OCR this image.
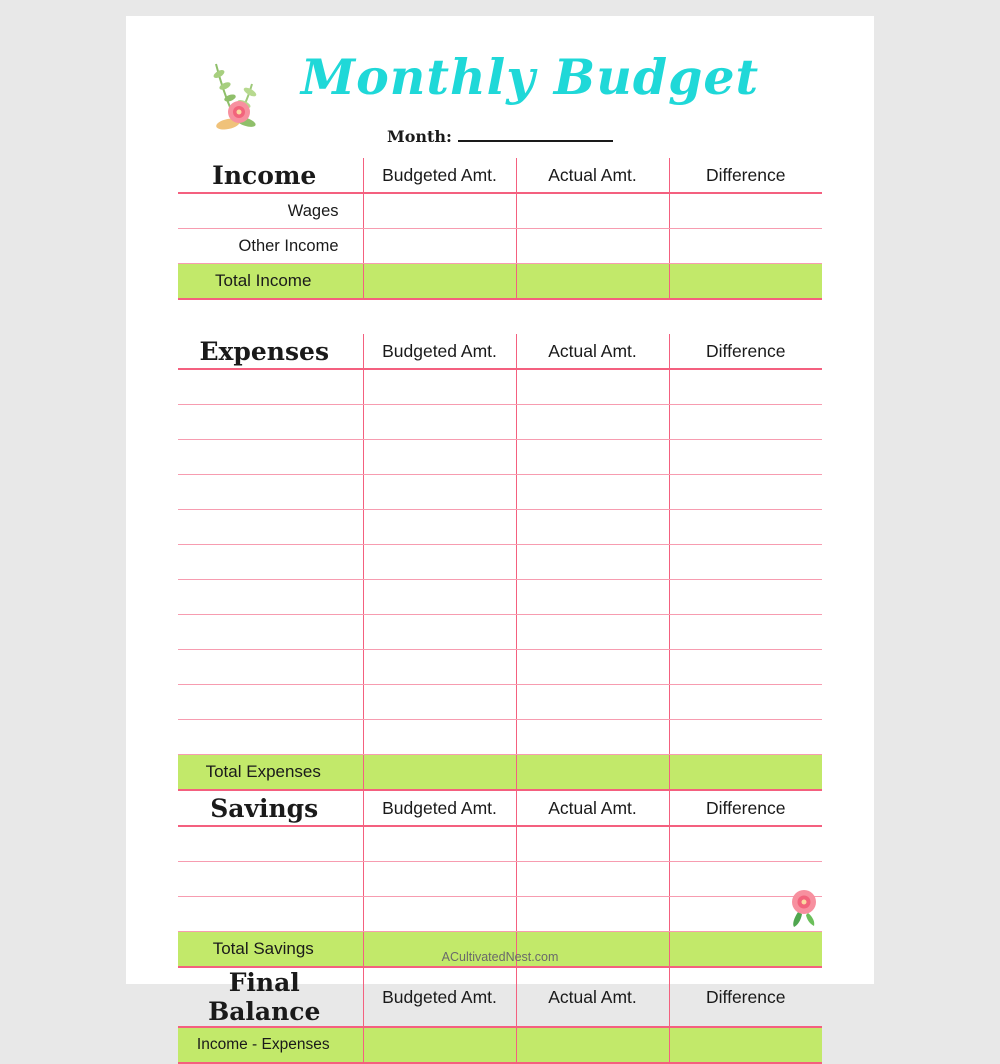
Monthly Budget
Month:
Income	Budgeted Amt.	Actual Amt.	Difference
Wages			
Other Income			
Total Income			

Expenses	Budgeted Amt.	Actual Amt.	Difference

Total Expenses			
Savings	Budgeted Amt.	Actual Amt.	Difference

Total Savings			
Final Balance	Budgeted Amt.	Actual Amt.	Difference
Income - Expenses			
ACultivatedNest.com
